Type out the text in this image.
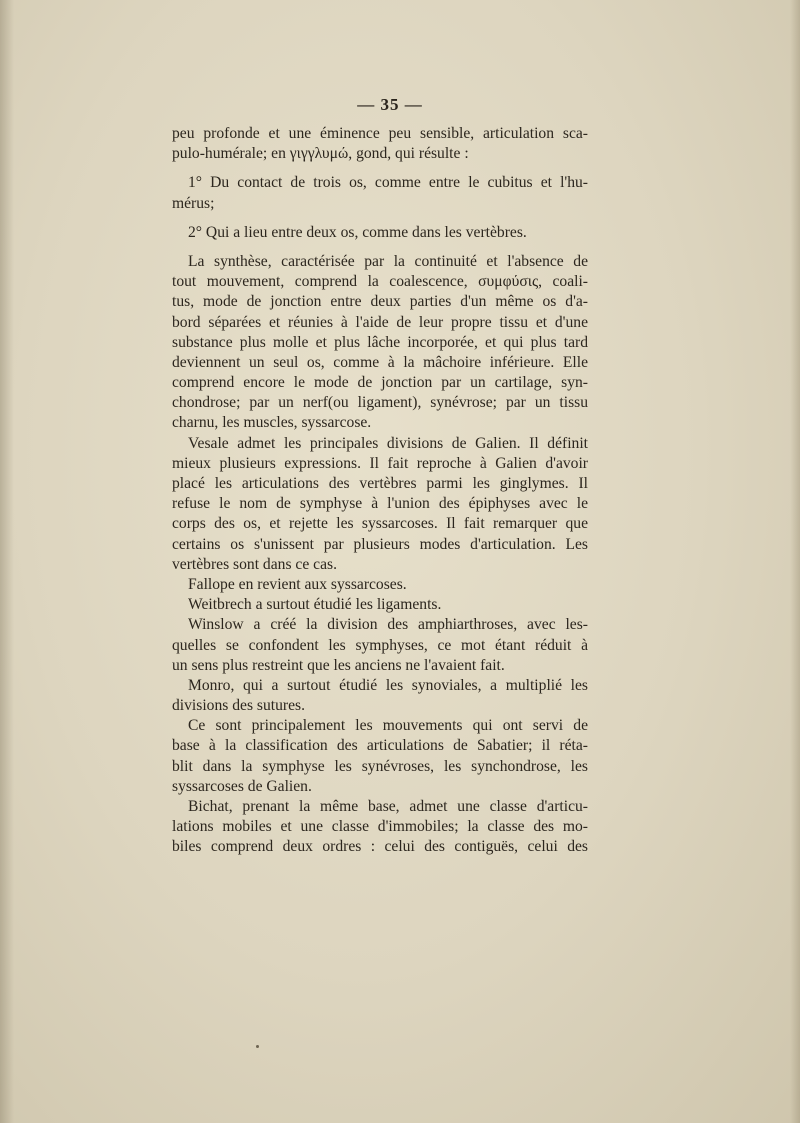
— 35 —
peu profonde et une éminence peu sensible, articulation sca-
pulo-humérale; en γιγγλυμώ, gond, qui résulte :
1° Du contact de trois os, comme entre le cubitus et l'hu-
mérus;
2° Qui a lieu entre deux os, comme dans les vertèbres.
La synthèse, caractérisée par la continuité et l'absence de
tout mouvement, comprend la coalescence, συμφύσις, coali-
tus, mode de jonction entre deux parties d'un même os d'a-
bord séparées et réunies à l'aide de leur propre tissu et d'une
substance plus molle et plus lâche incorporée, et qui plus tard
deviennent un seul os, comme à la mâchoire inférieure. Elle
comprend encore le mode de jonction par un cartilage, syn-
chondrose; par un nerf(ou ligament), synévrose; par un tissu
charnu, les muscles, syssarcose.
Vesale admet les principales divisions de Galien. Il définit
mieux plusieurs expressions. Il fait reproche à Galien d'avoir
placé les articulations des vertèbres parmi les ginglymes. Il
refuse le nom de symphyse à l'union des épiphyses avec le
corps des os, et rejette les syssarcoses. Il fait remarquer que
certains os s'unissent par plusieurs modes d'articulation. Les
vertèbres sont dans ce cas.
Fallope en revient aux syssarcoses.
Weitbrech a surtout étudié les ligaments.
Winslow a créé la division des amphiarthroses, avec les-
quelles se confondent les symphyses, ce mot étant réduit à
un sens plus restreint que les anciens ne l'avaient fait.
Monro, qui a surtout étudié les synoviales, a multiplié les
divisions des sutures.
Ce sont principalement les mouvements qui ont servi de
base à la classification des articulations de Sabatier; il réta-
blit dans la symphyse les synévroses, les synchondrose, les
syssarcoses de Galien.
Bichat, prenant la même base, admet une classe d'articu-
lations mobiles et une classe d'immobiles; la classe des mo-
biles comprend deux ordres : celui des contiguës, celui des
